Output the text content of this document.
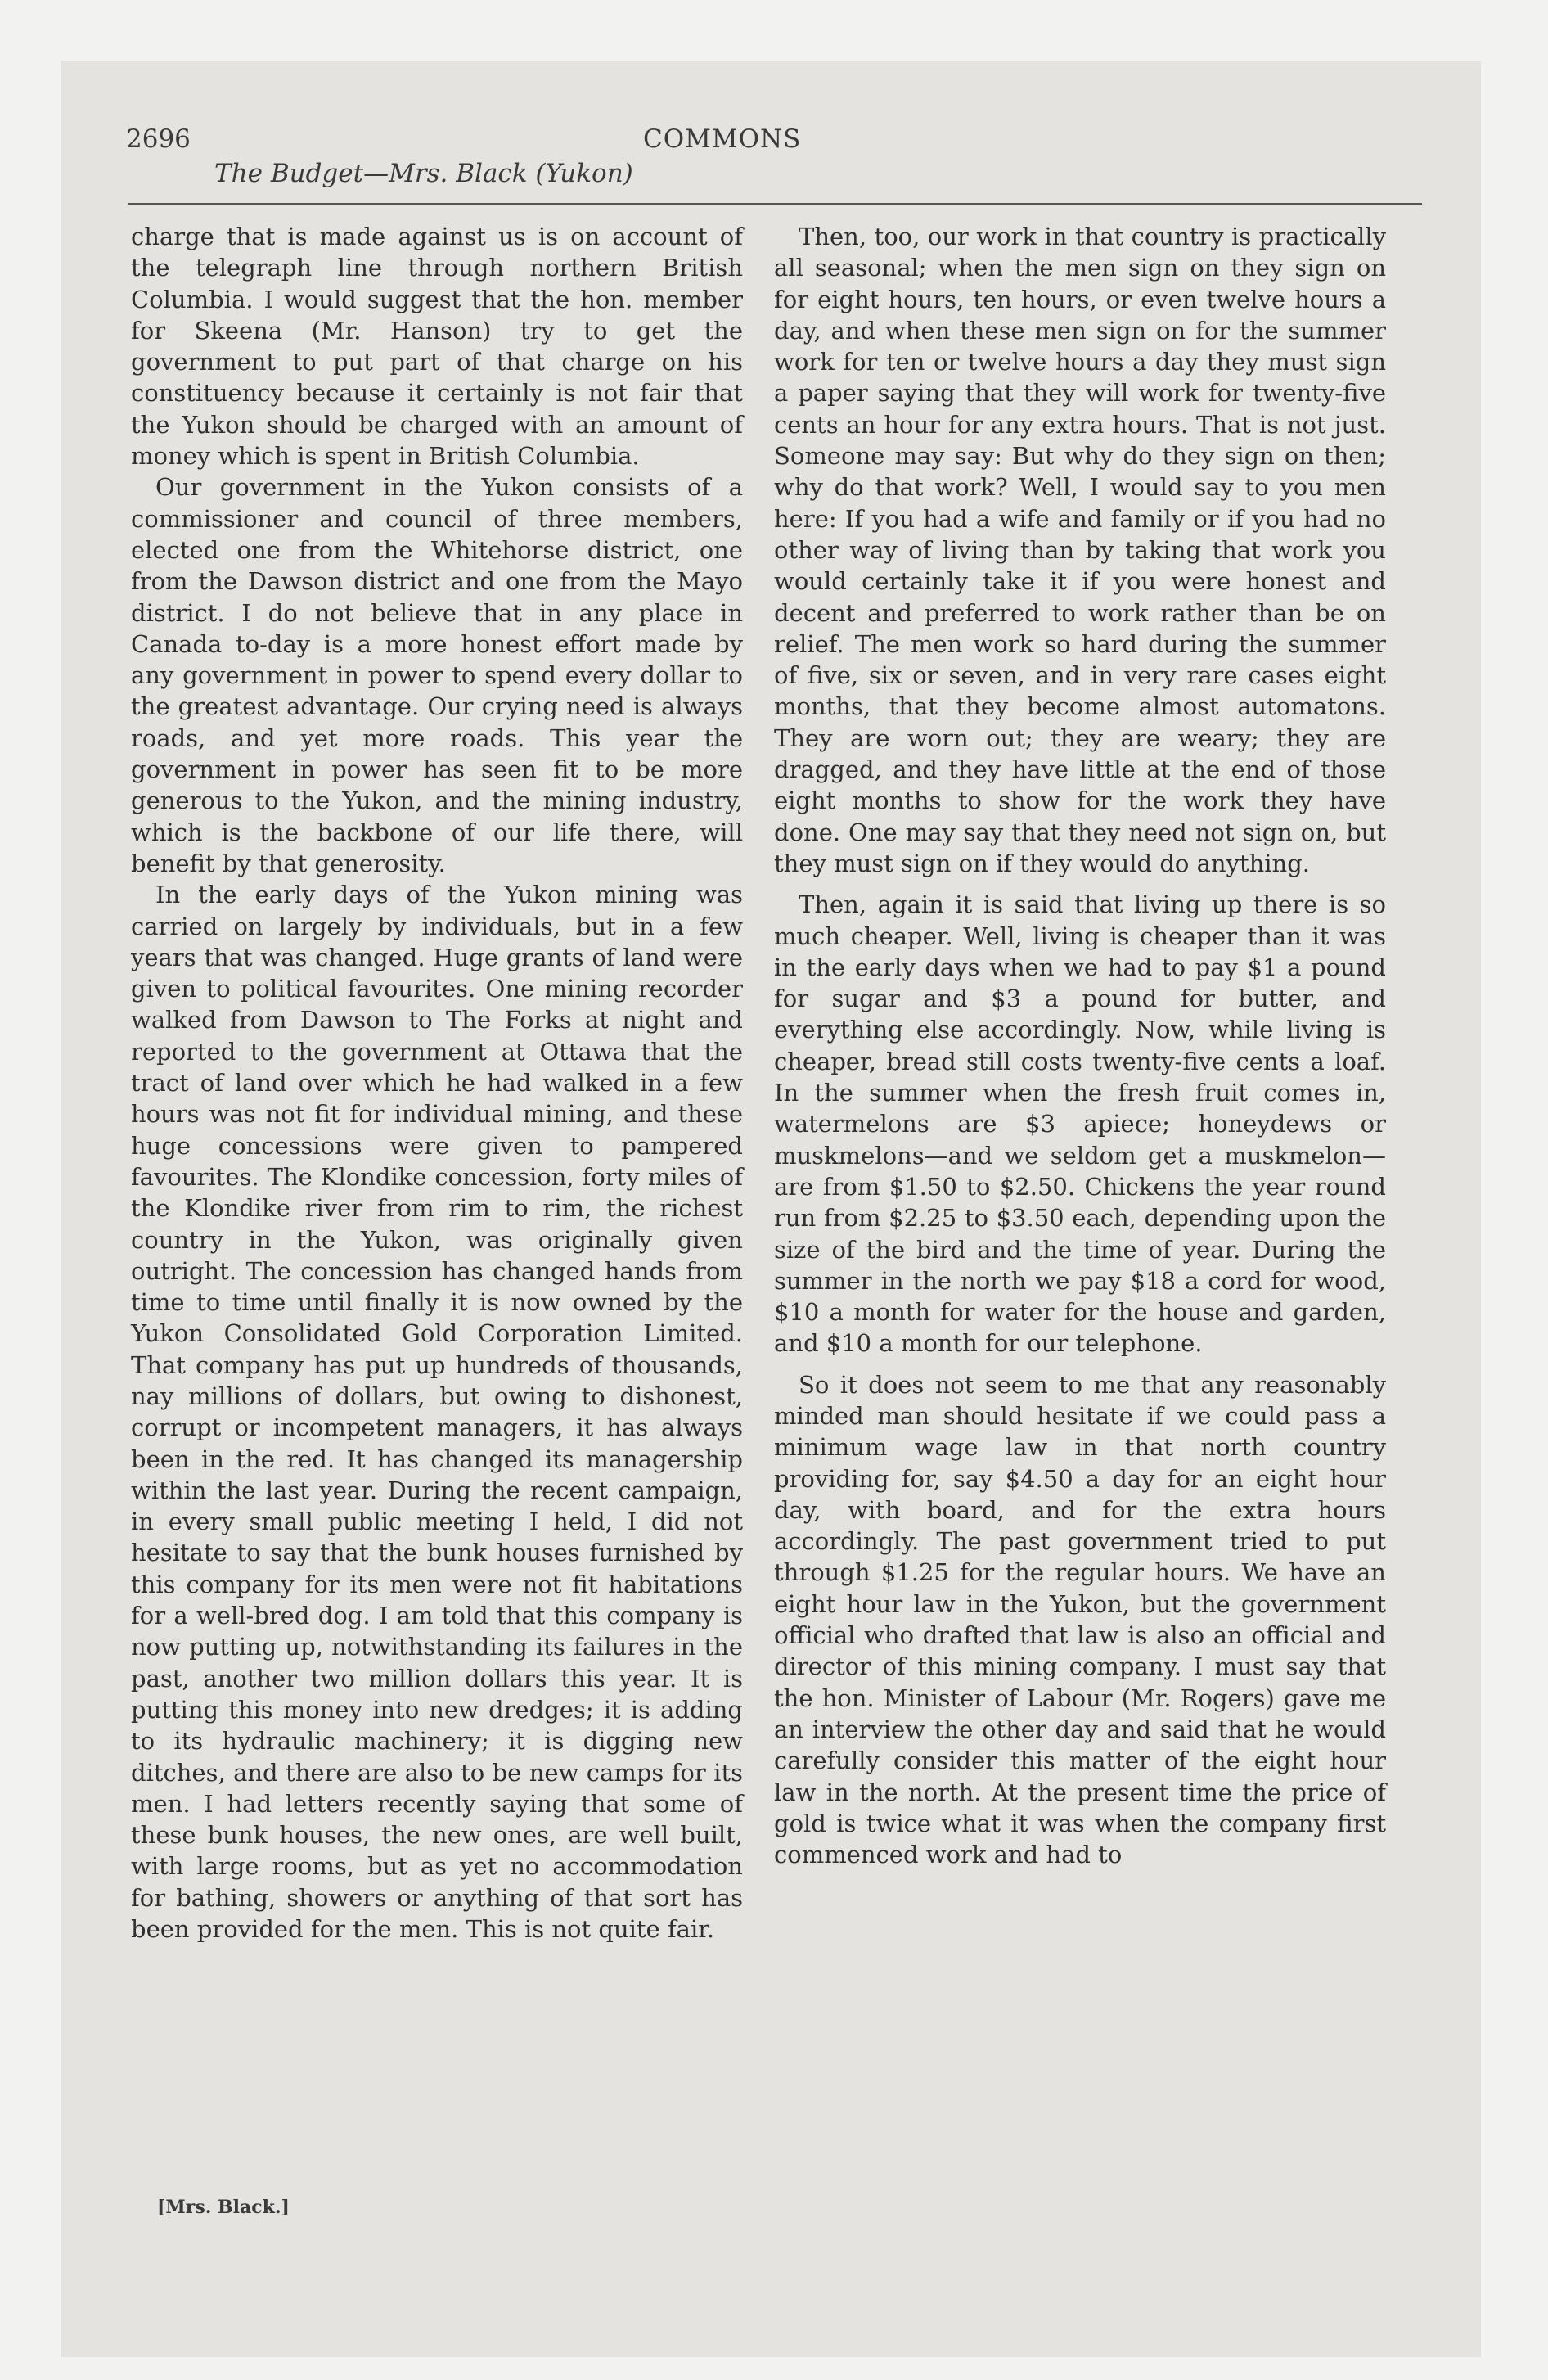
2696	COMMONS
The Budget—Mrs. Black (Yukon)

charge that is made against us is on account of the telegraph line through northern British Columbia. I would suggest that the hon. member for Skeena (Mr. Hanson) try to get the government to put part of that charge on his constituency because it certainly is not fair that the Yukon should be charged with an amount of money which is spent in British Columbia.

Our government in the Yukon consists of a commissioner and council of three members, elected one from the Whitehorse district, one from the Dawson district and one from the Mayo district. I do not believe that in any place in Canada to-day is a more honest effort made by any government in power to spend every dollar to the greatest advantage. Our crying need is always roads, and yet more roads. This year the government in power has seen fit to be more generous to the Yukon, and the mining industry, which is the backbone of our life there, will benefit by that generosity.

In the early days of the Yukon mining was carried on largely by individuals, but in a few years that was changed. Huge grants of land were given to political favourites. One mining recorder walked from Dawson to The Forks at night and reported to the government at Ottawa that the tract of land over which he had walked in a few hours was not fit for individual mining, and these huge concessions were given to pampered favourites. The Klondike concession, forty miles of the Klondike river from rim to rim, the richest country in the Yukon, was originally given outright. The concession has changed hands from time to time until finally it is now owned by the Yukon Consolidated Gold Corporation Limited. That company has put up hundreds of thousands, nay millions of dollars, but owing to dishonest, corrupt or incompetent managers, it has always been in the red. It has changed its managership within the last year. During the recent campaign, in every small public meeting I held, I did not hesitate to say that the bunk houses furnished by this company for its men were not fit habitations for a well-bred dog. I am told that this company is now putting up, notwithstanding its failures in the past, another two million dollars this year. It is putting this money into new dredges; it is adding to its hydraulic machinery; it is digging new ditches, and there are also to be new camps for its men. I had letters recently saying that some of these bunk houses, the new ones, are well built, with large rooms, but as yet no accommodation for bathing, showers or anything of that sort has been provided for the men. This is not quite fair.

Then, too, our work in that country is practically all seasonal; when the men sign on they sign on for eight hours, ten hours, or even twelve hours a day, and when these men sign on for the summer work for ten or twelve hours a day they must sign a paper saying that they will work for twenty-five cents an hour for any extra hours. That is not just. Someone may say: But why do they sign on then; why do that work? Well, I would say to you men here: If you had a wife and family or if you had no other way of living than by taking that work you would certainly take it if you were honest and decent and preferred to work rather than be on relief. The men work so hard during the summer of five, six or seven, and in very rare cases eight months, that they become almost automatons. They are worn out; they are weary; they are dragged, and they have little at the end of those eight months to show for the work they have done. One may say that they need not sign on, but they must sign on if they would do anything.

Then, again it is said that living up there is so much cheaper. Well, living is cheaper than it was in the early days when we had to pay $1 a pound for sugar and $3 a pound for butter, and everything else accordingly. Now, while living is cheaper, bread still costs twenty-five cents a loaf. In the summer when the fresh fruit comes in, watermelons are $3 apiece; honeydews or muskmelons—and we seldom get a muskmelon—are from $1.50 to $2.50. Chickens the year round run from $2.25 to $3.50 each, depending upon the size of the bird and the time of year. During the summer in the north we pay $18 a cord for wood, $10 a month for water for the house and garden, and $10 a month for our telephone.

So it does not seem to me that any reasonably minded man should hesitate if we could pass a minimum wage law in that north country providing for, say $4.50 a day for an eight hour day, with board, and for the extra hours accordingly. The past government tried to put through $1.25 for the regular hours. We have an eight hour law in the Yukon, but the government official who drafted that law is also an official and director of this mining company. I must say that the hon. Minister of Labour (Mr. Rogers) gave me an interview the other day and said that he would carefully consider this matter of the eight hour law in the north. At the present time the price of gold is twice what it was when the company first commenced work and had to

[Mrs. Black.]
